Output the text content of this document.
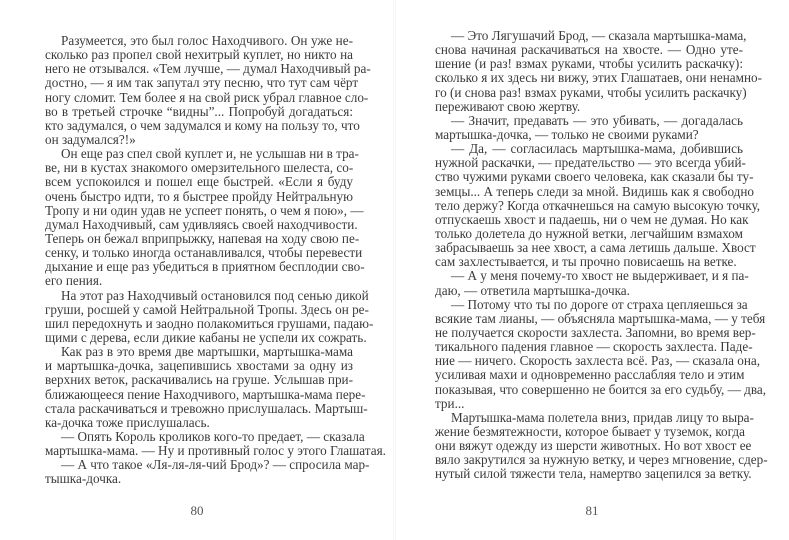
Разумеется, это был голос Находчивого. Он уже не-
сколько раз пропел свой нехитрый куплет, но никто на
него не отзывался. «Тем лучше, — думал Находчивый ра-
достно, — я им так запутал эту песню, что тут сам чёрт
ногу сломит. Тем более я на свой риск убрал главное сло-
во в третьей строчке “видны”... Попробуй догадаться:
кто задумался, о чем задумался и кому на пользу то, что
он задумался?!»
Он еще раз спел свой куплет и, не услышав ни в тра-
ве, ни в кустах знакомого омерзительного шелеста, со-
всем успокоился и пошел еще быстрей. «Если я буду
очень быстро идти, то я быстрее пройду Нейтральную
Тропу и ни один удав не успеет понять, о чем я пою», —
думал Находчивый, сам удивляясь своей находчивости.
Теперь он бежал вприпрыжку, напевая на ходу свою пе-
сенку, и только иногда останавливался, чтобы перевести
дыхание и еще раз убедиться в приятном бесплодии сво-
его пения.
На этот раз Находчивый остановился под сенью дикой
груши, росшей у самой Нейтральной Тропы. Здесь он ре-
шил передохнуть и заодно полакомиться грушами, падаю-
щими с дерева, если дикие кабаны не успели их сожрать.
Как раз в это время две мартышки, мартышка-мама
и мартышка-дочка, зацепившись хвостами за одну из
верхних веток, раскачивались на груше. Услышав при-
ближающееся пение Находчивого, мартышка-мама пере-
стала раскачиваться и тревожно прислушалась. Мартыш-
ка-дочка тоже прислушалась.
— Опять Король кроликов кого-то предает, — сказала
мартышка-мама. — Ну и противный голос у этого Глашатая.
— А что такое «Ля-ля-ля-чий Брод»? — спросила мар-
тышка-дочка.
80
— Это Лягушачий Брод, — сказала мартышка-мама,
снова начиная раскачиваться на хвосте. — Одно уте-
шение (и раз! взмах руками, чтобы усилить раскачку):
сколько я их здесь ни вижу, этих Глашатаев, они ненамно-
го (и снова раз! взмах руками, чтобы усилить раскачку)
переживают свою жертву.
— Значит, предавать — это убивать, — догадалась
мартышка-дочка, — только не своими руками?
— Да, — согласилась мартышка-мама, добившись
нужной раскачки, — предательство — это всегда убий-
ство чужими руками своего человека, как сказали бы ту-
земцы... А теперь следи за мной. Видишь как я свободно
тело держу? Когда откачнешься на самую высокую точку,
отпускаешь хвост и падаешь, ни о чем не думая. Но как
только долетела до нужной ветки, легчайшим взмахом
забрасываешь за нее хвост, а сама летишь дальше. Хвост
сам захлестывается, и ты прочно повисаешь на ветке.
— А у меня почему-то хвост не выдерживает, и я па-
даю, — ответила мартышка-дочка.
— Потому что ты по дороге от страха цепляешься за
всякие там лианы, — объясняла мартышка-мама, — у тебя
не получается скорости захлеста. Запомни, во время вер-
тикального падения главное — скорость захлеста. Паде-
ние — ничего. Скорость захлеста всё. Раз, — сказала она,
усиливая махи и одновременно расслабляя тело и этим
показывая, что совершенно не боится за его судьбу, — два,
три...
Мартышка-мама полетела вниз, придав лицу то выра-
жение безмятежности, которое бывает у туземок, когда
они вяжут одежду из шерсти животных. Но вот хвост ее
вяло закрутился за нужную ветку, и через мгновение, сдер-
нутый силой тяжести тела, намертво зацепился за ветку.
81
